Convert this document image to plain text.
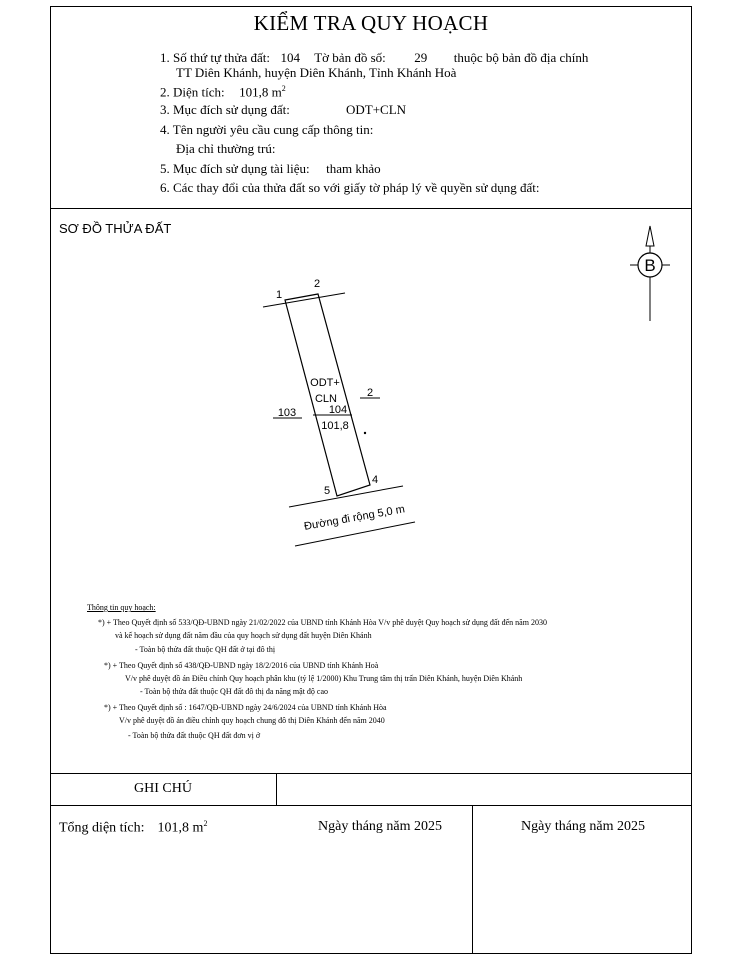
KIỂM TRA QUY HOẠCH
1. Số thứ tự thửa đất: 104 Tờ bản đồ số: 29 thuộc bộ bản đồ địa chính
TT Diên Khánh, huyện Diên Khánh, Tỉnh Khánh Hoà
2. Diện tích: 101,8 $m^2$
3. Mục đích sử dụng đất:	ODT+CLN
4. Tên người yêu cầu cung cấp thông tin:
Địa chỉ thường trú:
5. Mục đích sử dụng tài liệu: tham khảo
6. Các thay đổi của thửa đất so với giấy tờ pháp lý về quyền sử dụng đất:
SƠ ĐỒ THỬA ĐẤT
B
1
2
4
5
ODT+
CLN
104
101,8
103
2
Đường đi rộng 5,0 m
Thông tin quy hoạch:
*) + Theo Quyết định số 533/QĐ-UBND ngày 21/02/2022 của UBND tỉnh Khánh Hòa V/v phê duyệt Quy hoạch sử dụng đất đến năm 2030
và kế hoạch sử dụng đất năm đầu của quy hoạch sử dụng đất huyện Diên Khánh
- Toàn bộ thửa đất thuộc QH đất ở tại đô thị
*) + Theo Quyết định số 438/QĐ-UBND ngày 18/2/2016 của UBND tỉnh Khánh Hoà
V/v phê duyệt đồ án Điều chỉnh Quy hoạch phân khu (tỷ lệ 1/2000) Khu Trung tâm thị trấn Diên Khánh, huyện Diên Khánh
- Toàn bộ thửa đất thuộc QH đất đô thị đa năng mật độ cao
*) + Theo Quyết định số : 1647/QĐ-UBND ngày 24/6/2024 của UBND tỉnh Khánh Hòa
V/v phê duyệt đồ án điều chỉnh quy hoạch chung đô thị Diên Khánh đến năm 2040
- Toàn bộ thửa đất thuộc QH đất đơn vị ở
GHI CHÚ
Tổng diện tích: 101,8 $m^2$	Ngày tháng năm 2025	Ngày tháng năm 2025
